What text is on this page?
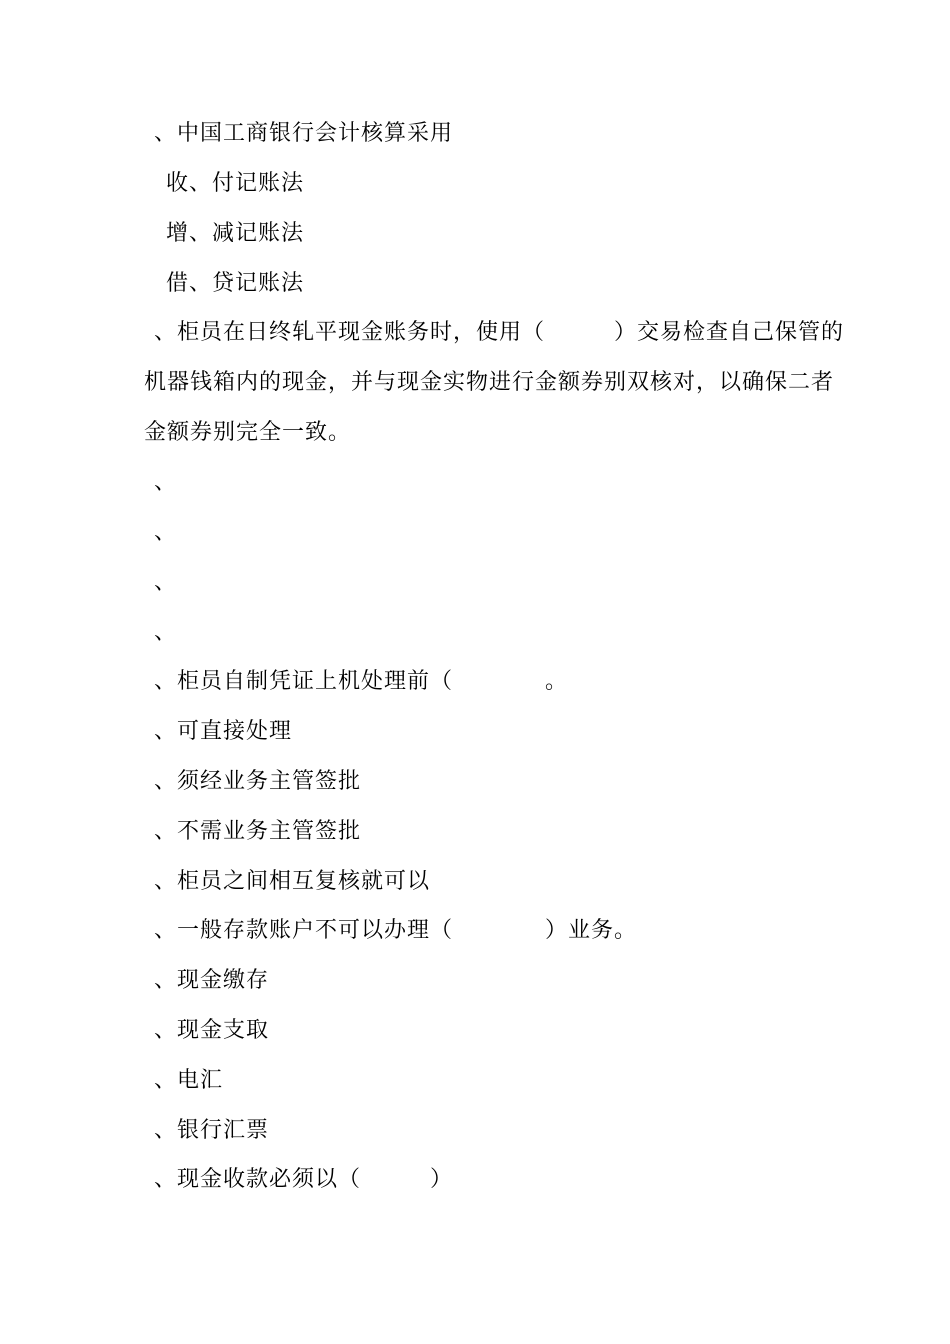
、中国工商银行会计核算采用
收、付记账法
增、减记账法
借、贷记账法
、柜员在日终轧平现金账务时，使用（　　　）交易检查自己保管的
机器钱箱内的现金，并与现金实物进行金额券别双核对，以确保二者
金额券别完全一致。
、
、
、
、
、柜员自制凭证上机处理前（　　　　。
、可直接处理
、须经业务主管签批
、不需业务主管签批
、柜员之间相互复核就可以
、一般存款账户不可以办理（　　　　）业务。
、现金缴存
、现金支取
、电汇
、银行汇票
、现金收款必须以（　　　）
